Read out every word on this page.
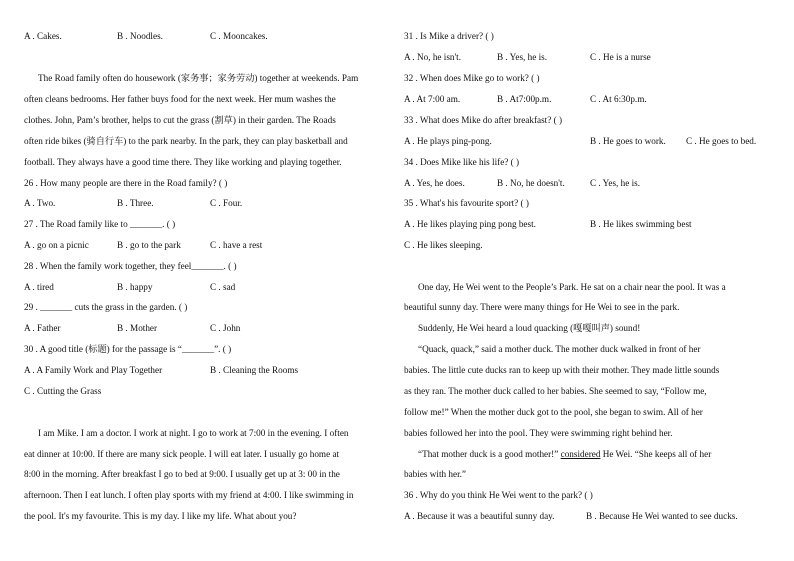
A . Cakes.	B . Noodles.	C . Mooncakes.
The Road family often do housework (家务事；家务劳动) together at weekends. Pam
often cleans bedrooms. Her father buys food for the next week. Her mum washes the
clothes. John, Pam’s brother, helps to cut the grass (割草) in their garden. The Roads
often ride bikes (骑自行车) to the park nearby. In the park, they can play basketball and
football. They always have a good time there. They like working and playing together.
26 . How many people are there in the Road family? ( )
A . Two.	B . Three.	C . Four.
27 . The Road family like to _______. ( )
A . go on a picnic	B . go to the park	C . have a rest
28 . When the family work together, they feel_______. ( )
A . tired	B . happy	C . sad
29 . _______ cuts the grass in the garden. ( )
A . Father	B . Mother	C . John
30 . A good title (标题) for the passage is “_______”. ( )
A . A Family Work and Play Together	B . Cleaning the Rooms
C . Cutting the Grass
I am Mike. I am a doctor. I work at night. I go to work at 7:00 in the evening. I often
eat dinner at 10:00. If there are many sick people. I will eat later. I usually go home at
8:00 in the morning. After breakfast I go to bed at 9:00. I usually get up at 3: 00 in the
afternoon. Then I eat lunch. I often play sports with my friend at 4:00. I like swimming in
the pool. It's my favourite. This is my day. I like my life. What about you?
31 . Is Mike a driver? ( )
A . No, he isn't.	B . Yes, he is.	C . He is a nurse
32 . When does Mike go to work? ( )
A . At 7:00 am.	B . At7:00p.m.	C . At 6:30p.m.
33 . What does Mike do after breakfast? ( )
A . He plays ping-pong.	B . He goes to work. C . He goes to bed.
34 . Does Mike like his life? ( )
A . Yes, he does.	B . No, he doesn't.	C . Yes, he is.
35 . What's his favourite sport? ( )
A . He likes playing ping pong best.	B . He likes swimming best
C . He likes sleeping.
One day, He Wei went to the People’s Park. He sat on a chair near the pool. It was a
beautiful sunny day. There were many things for He Wei to see in the park.
Suddenly, He Wei heard a loud quacking (嘎嘎叫声) sound!
“Quack, quack,” said a mother duck. The mother duck walked in front of her
babies. The little cute ducks ran to keep up with their mother. They made little sounds
as they ran. The mother duck called to her babies. She seemed to say, “Follow me,
follow me!” When the mother duck got to the pool, she began to swim. All of her
babies followed her into the pool. They were swimming right behind her.
“That mother duck is a good mother!” considered He Wei. “She keeps all of her
babies with her.”
36 . Why do you think He Wei went to the park? ( )
A . Because it was a beautiful sunny day.	B . Because He Wei wanted to see ducks.
